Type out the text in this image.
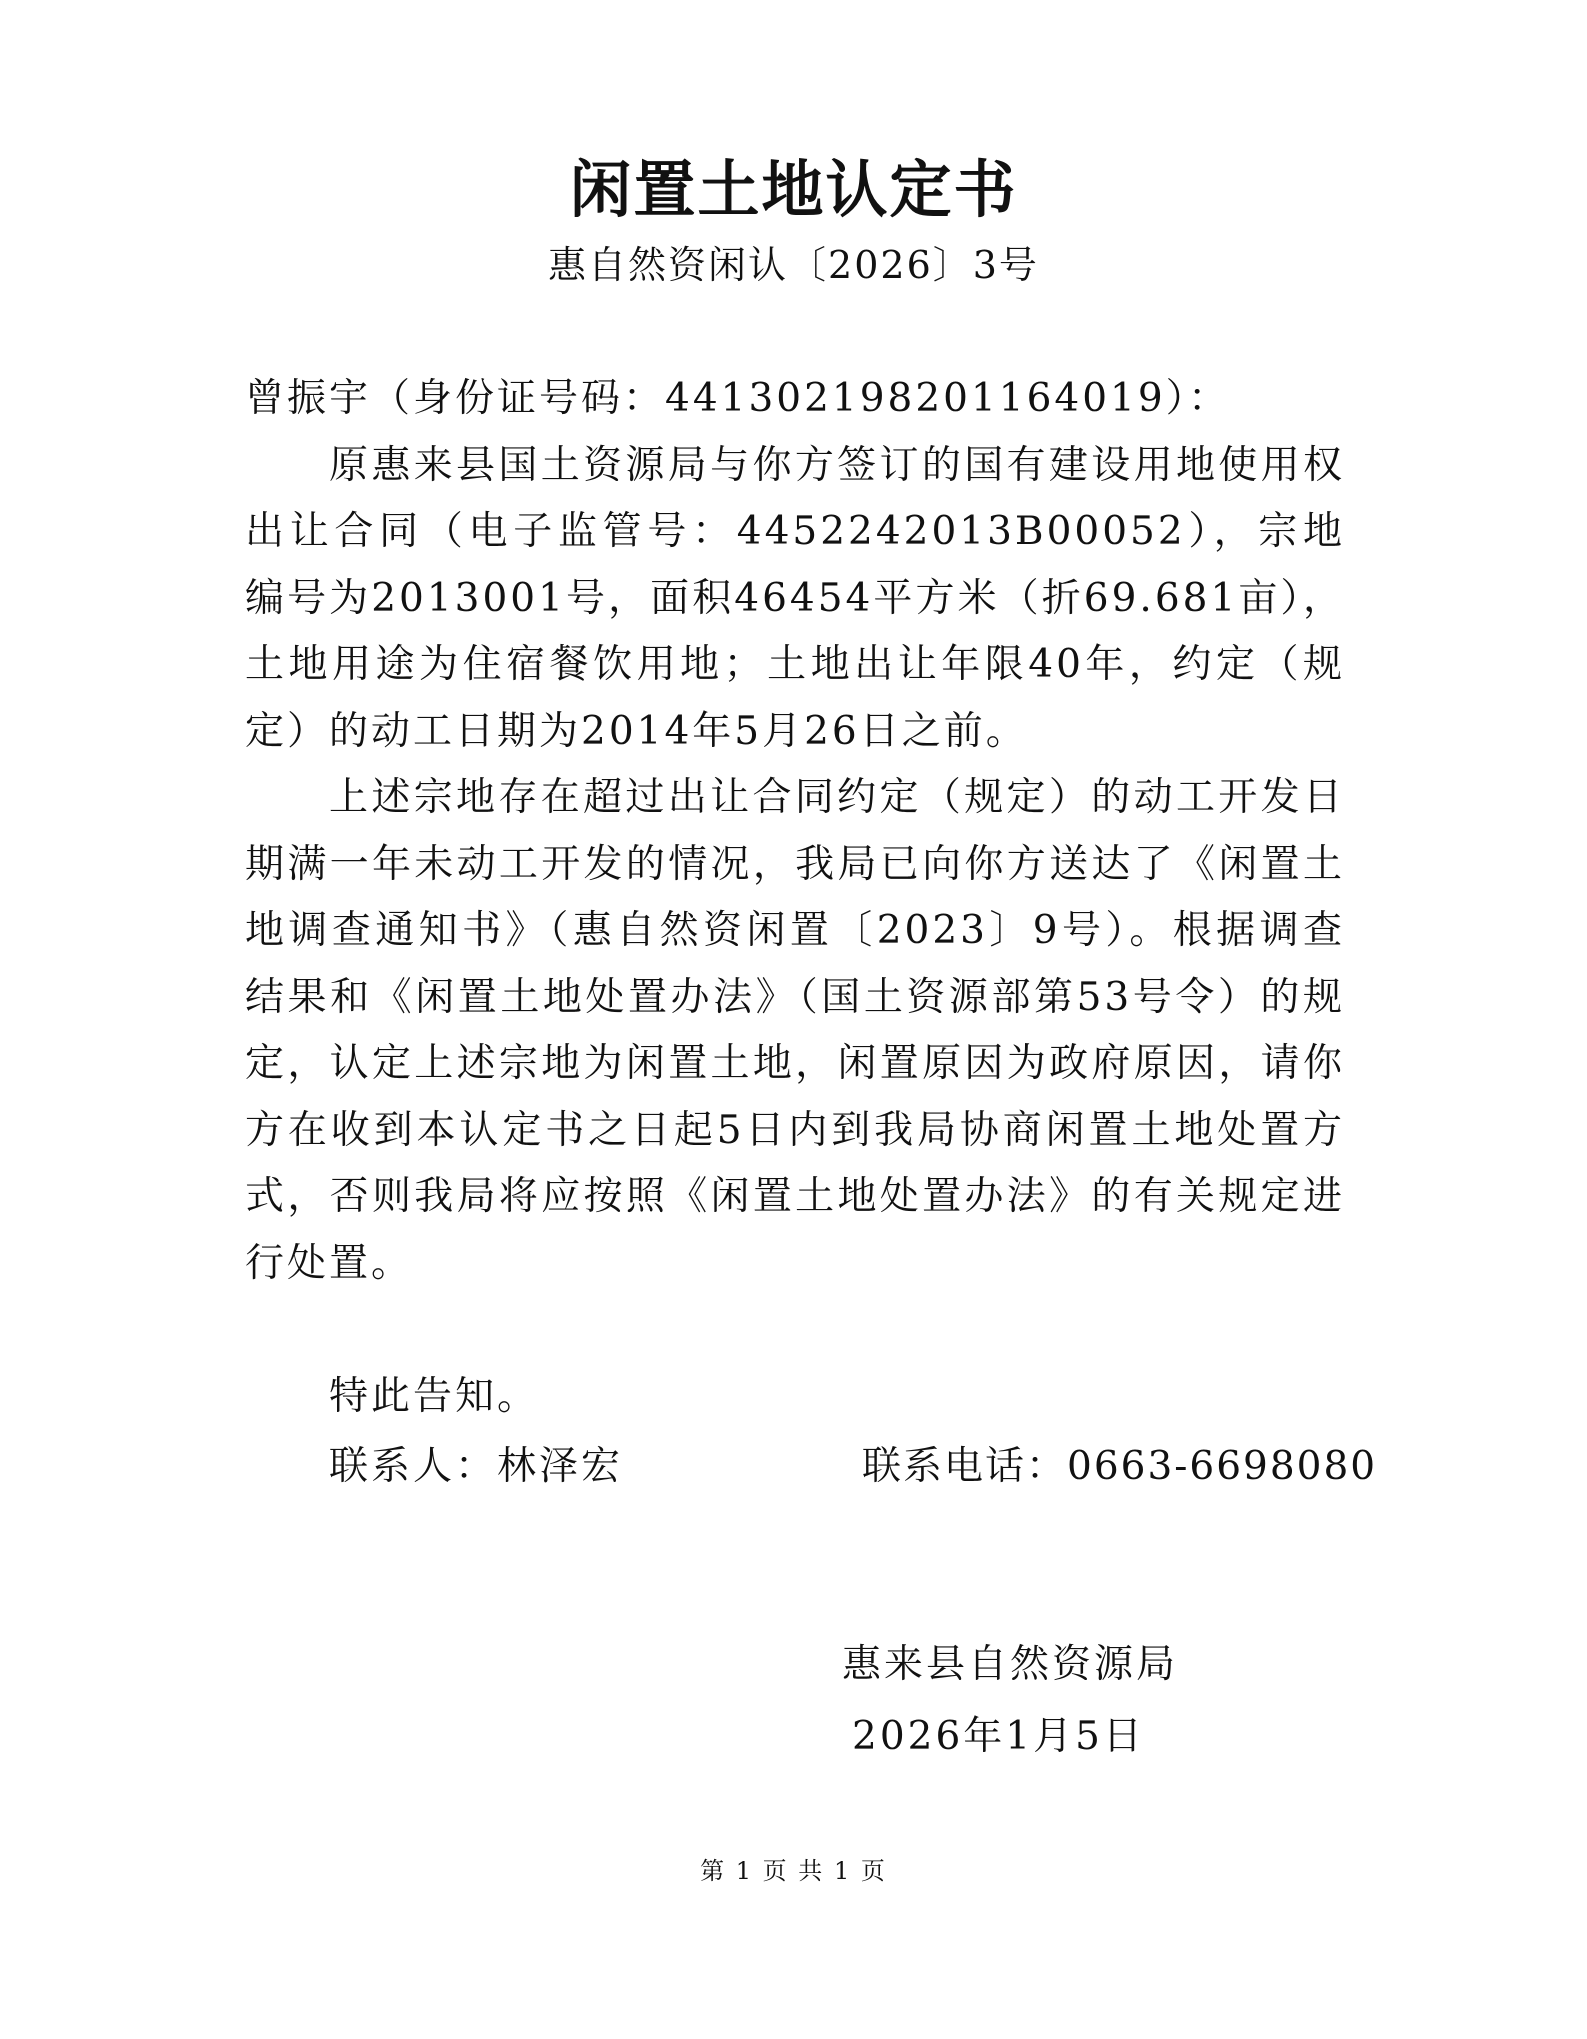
闲置土地认定书
惠自然资闲认〔2026〕3号

曾振宇（身份证号码：441302198201164019）：

原惠来县国土资源局与你方签订的国有建设用地使用权出让合同（电子监管号：4452242013B00052），宗地编号为2013001号，面积46454平方米（折69.681亩），土地用途为住宿餐饮用地；土地出让年限40年，约定（规定）的动工日期为2014年5月26日之前。

上述宗地存在超过出让合同约定（规定）的动工开发日期满一年未动工开发的情况，我局已向你方送达了《闲置土地调查通知书》（惠自然资闲置〔2023〕9号）。根据调查结果和《闲置土地处置办法》（国土资源部第53号令）的规定，认定上述宗地为闲置土地，闲置原因为政府原因，请你方在收到本认定书之日起5日内到我局协商闲置土地处置方式，否则我局将应按照《闲置土地处置办法》的有关规定进行处置。

特此告知。
联系人：林泽宏	联系电话：0663-6698080
惠来县自然资源局
2026年1月5日
第 1 页 共 1 页
